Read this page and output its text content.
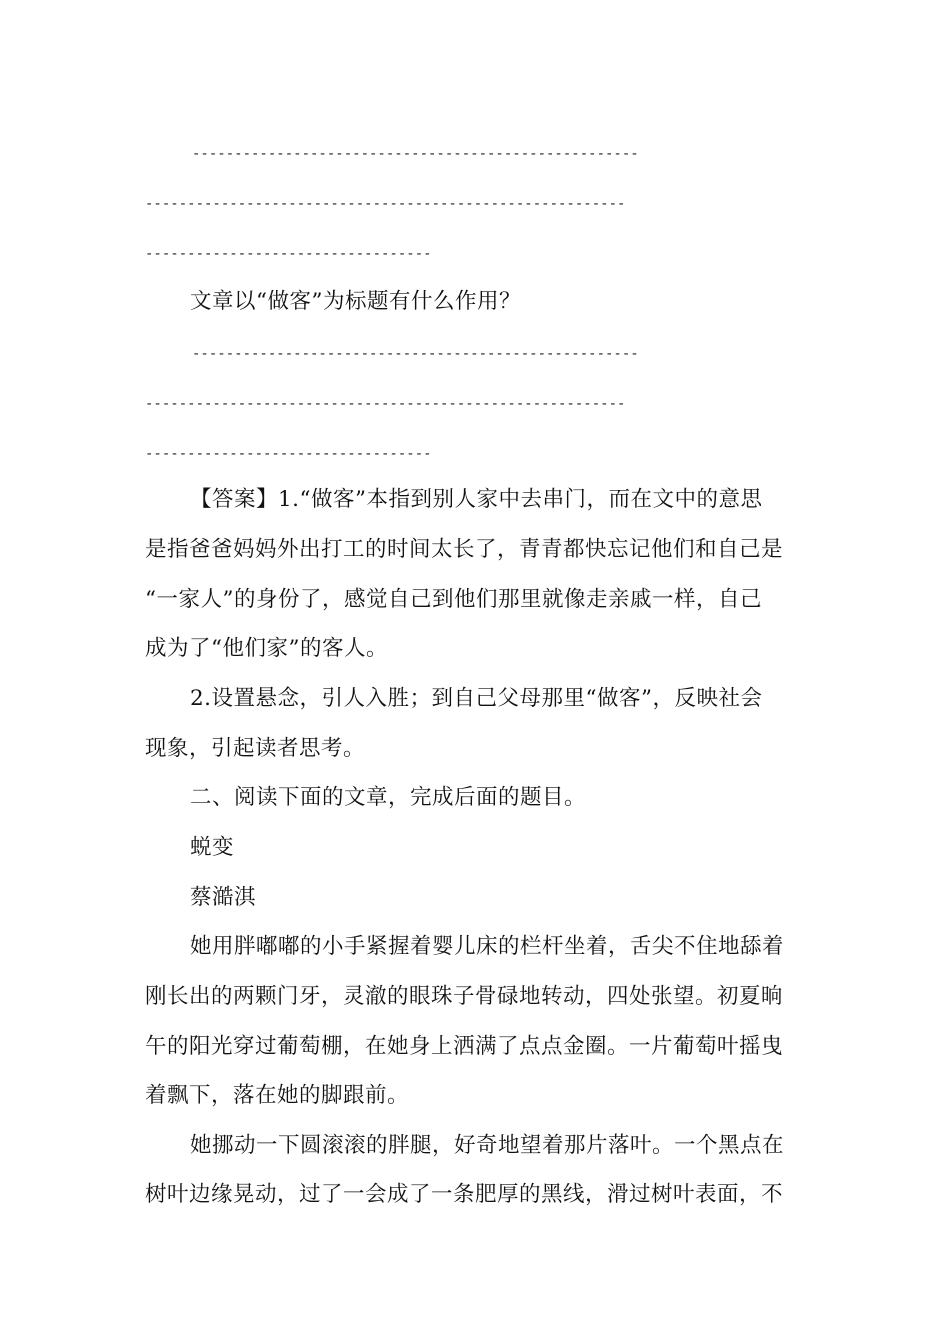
-----------------------------------------------------
---------------------------------------------------------
----------------------------------
文章以“做客”为标题有什么作用？
-----------------------------------------------------
---------------------------------------------------------
----------------------------------
【答案】1.“做客”本指到别人家中去串门，而在文中的意思
是指爸爸妈妈外出打工的时间太长了，青青都快忘记他们和自己是
“一家人”的身份了，感觉自己到他们那里就像走亲戚一样，自己
成为了“他们家”的客人。
2.设置悬念，引人入胜；到自己父母那里“做客”，反映社会
现象，引起读者思考。
二、阅读下面的文章，完成后面的题目。
蜕变
蔡澔淇
她用胖嘟嘟的小手紧握着婴儿床的栏杆坐着，舌尖不住地舔着
刚长出的两颗门牙，灵澈的眼珠子骨碌地转动，四处张望。初夏晌
午的阳光穿过葡萄棚，在她身上洒满了点点金圈。一片葡萄叶摇曳
着飘下，落在她的脚跟前。
她挪动一下圆滚滚的胖腿，好奇地望着那片落叶。一个黑点在
树叶边缘晃动，过了一会成了一条肥厚的黑线，滑过树叶表面，不
